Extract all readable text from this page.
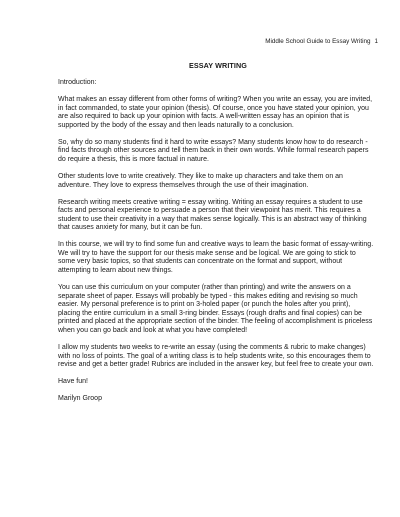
Middle School Guide to Essay Writing 1
ESSAY WRITING

Introduction:

What makes an essay different from other forms of writing? When you write an essay, you are invited, in fact commanded, to state your opinion (thesis). Of course, once you have stated your opinion, you are also required to back up your opinion with facts. A well-written essay has an opinion that is supported by the body of the essay and then leads naturally to a conclusion.

So, why do so many students find it hard to write essays? Many students know how to do research - find facts through other sources and tell them back in their own words. While formal research papers do require a thesis, this is more factual in nature.

Other students love to write creatively. They like to make up characters and take them on an adventure. They love to express themselves through the use of their imagination.

Research writing meets creative writing = essay writing. Writing an essay requires a student to use facts and personal experience to persuade a person that their viewpoint has merit. This requires a student to use their creativity in a way that makes sense logically. This is an abstract way of thinking that causes anxiety for many, but it can be fun.

In this course, we will try to find some fun and creative ways to learn the basic format of essay-writing. We will try to have the support for our thesis make sense and be logical. We are going to stick to some very basic topics, so that students can concentrate on the format and support, without attempting to learn about new things.

You can use this curriculum on your computer (rather than printing) and write the answers on a separate sheet of paper. Essays will probably be typed - this makes editing and revising so much easier. My personal preference is to print on 3-holed paper (or punch the holes after you print), placing the entire curriculum in a small 3-ring binder. Essays (rough drafts and final copies) can be printed and placed at the appropriate section of the binder. The feeling of accomplishment is priceless when you can go back and look at what you have completed!

I allow my students two weeks to re-write an essay (using the comments & rubric to make changes) with no loss of points. The goal of a writing class is to help students write, so this encourages them to revise and get a better grade! Rubrics are included in the answer key, but feel free to create your own.

Have fun!

Marilyn Groop
